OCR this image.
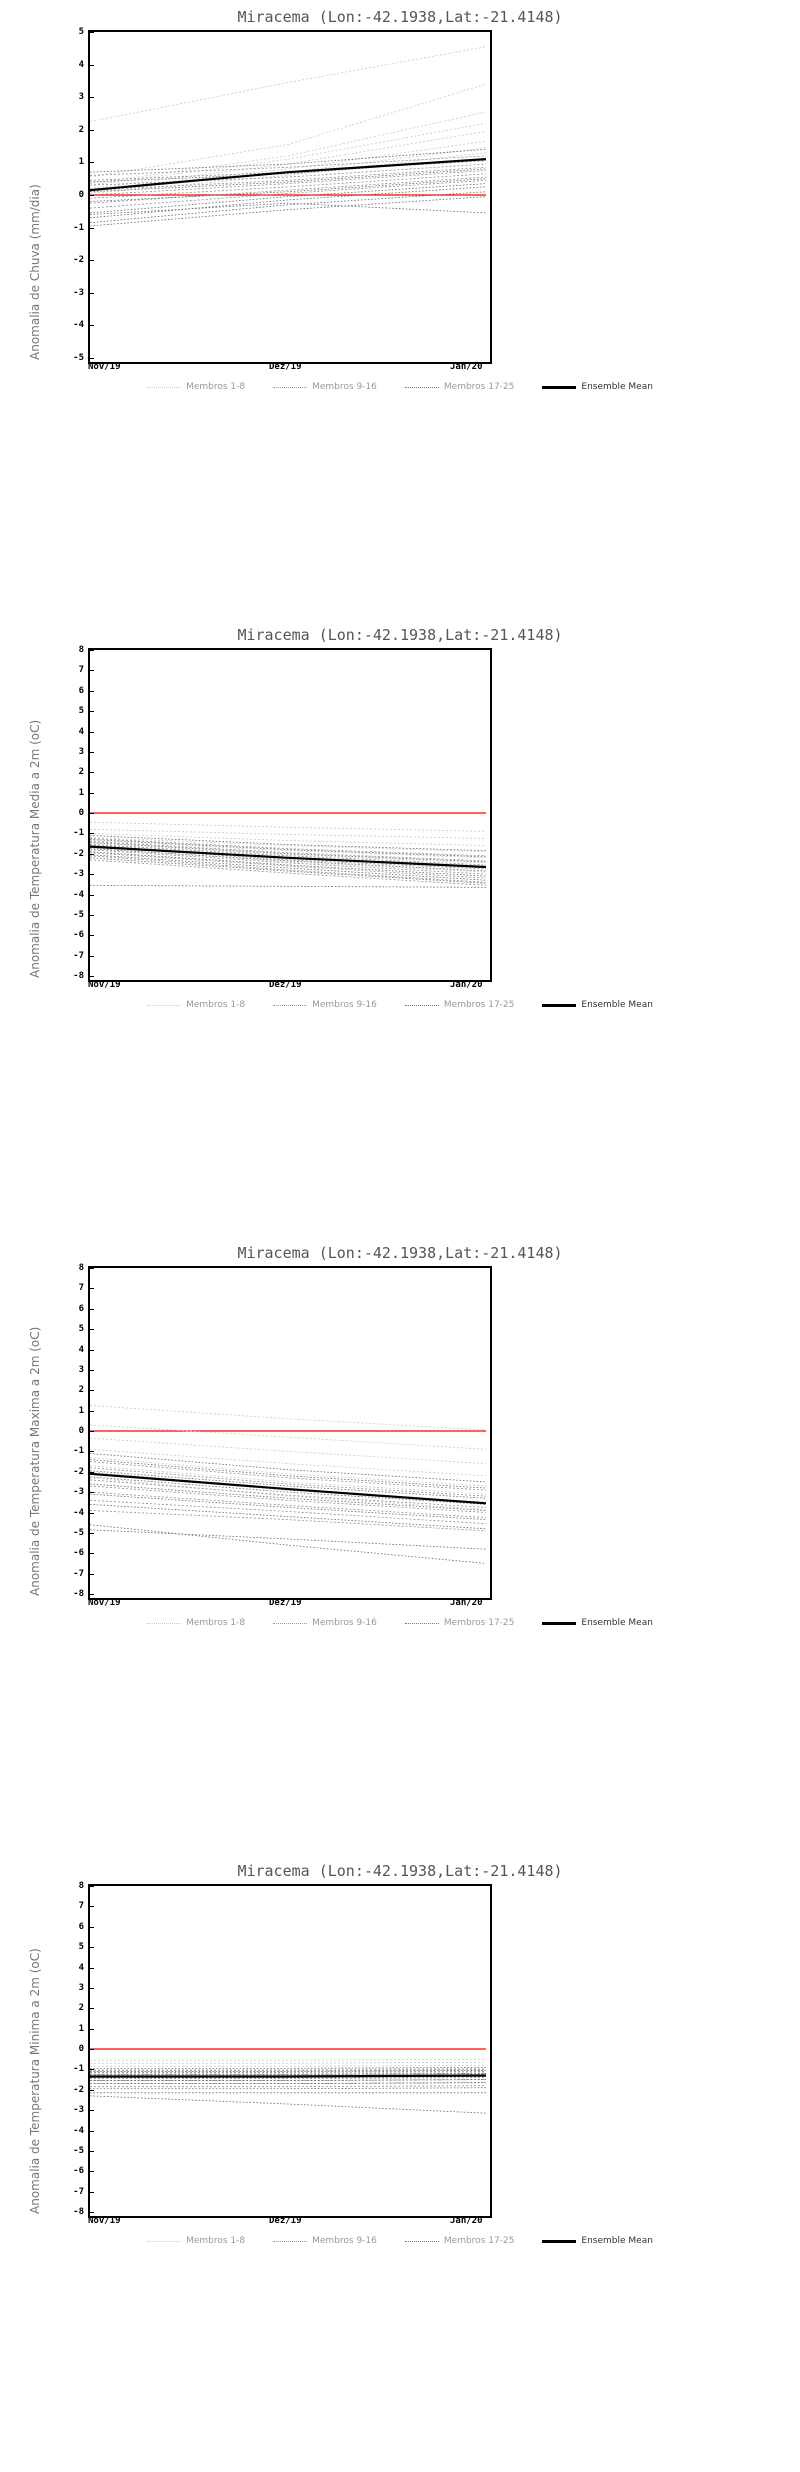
Miracema (Lon:-42.1938,Lat:-21.4148)
Anomalia de Chuva (mm/dia)	-5
-4
-3
-2
-1
0
1
2
3
4
5
Nov/19	Dez/19	Jan/20
Membros 1-8	Membros 9-16	Membros 17-25	Ensemble Mean
Miracema (Lon:-42.1938,Lat:-21.4148)
Anomalia de Temperatura Media a 2m (oC)	-8
-7
-6
-5
-4
-3
-2
-1
0
1
2
3
4
5
6
7
8
Nov/19	Dez/19	Jan/20
Membros 1-8	Membros 9-16	Membros 17-25	Ensemble Mean
Miracema (Lon:-42.1938,Lat:-21.4148)
Anomalia de Temperatura Maxima a 2m (oC)	-8
-7
-6
-5
-4
-3
-2
-1
0
1
2
3
4
5
6
7
8
Nov/19	Dez/19	Jan/20
Membros 1-8	Membros 9-16	Membros 17-25	Ensemble Mean
Miracema (Lon:-42.1938,Lat:-21.4148)
Anomalia de Temperatura Minima a 2m (oC)	-8
-7
-6
-5
-4
-3
-2
-1
0
1
2
3
4
5
6
7
8
Nov/19	Dez/19	Jan/20
Membros 1-8	Membros 9-16	Membros 17-25	Ensemble Mean
